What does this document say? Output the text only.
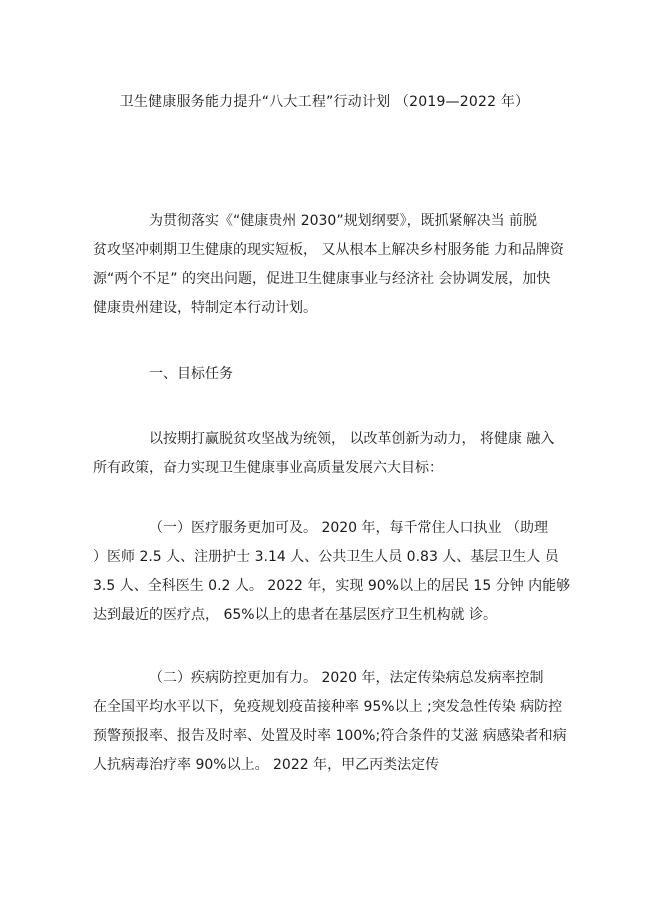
卫生健康服务能力提升“八大工程”行动计划 （2019—2022 年）
为贯彻落实《“健康贵州 2030”规划纲要》，既抓紧解决当 前脱
贫攻坚冲刺期卫生健康的现实短板， 又从根本上解决乡村服务能 力和品牌资
源“两个不足” 的突出问题，促进卫生健康事业与经济社 会协调发展，加快
健康贵州建设，特制定本行动计划。
一、目标任务
以按期打赢脱贫攻坚战为统领， 以改革创新为动力， 将健康 融入
所有政策，奋力实现卫生健康事业高质量发展六大目标：
（一）医疗服务更加可及。 2020 年，每千常住人口执业 （助理
）医师 2.5 人、注册护士 3.14 人、公共卫生人员 0.83 人、基层卫生人 员
3.5 人、全科医生 0.2 人。 2022 年，实现 90%以上的居民 15 分钟 内能够
达到最近的医疗点， 65%以上的患者在基层医疗卫生机构就 诊。
（二）疾病防控更加有力。 2020 年，法定传染病总发病率控制
在全国平均水平以下，免疫规划疫苗接种率 95%以上 ;突发急性传染 病防控
预警预报率、报告及时率、处置及时率 100%;符合条件的艾滋 病感染者和病
人抗病毒治疗率 90%以上。 2022 年，甲乙丙类法定传
